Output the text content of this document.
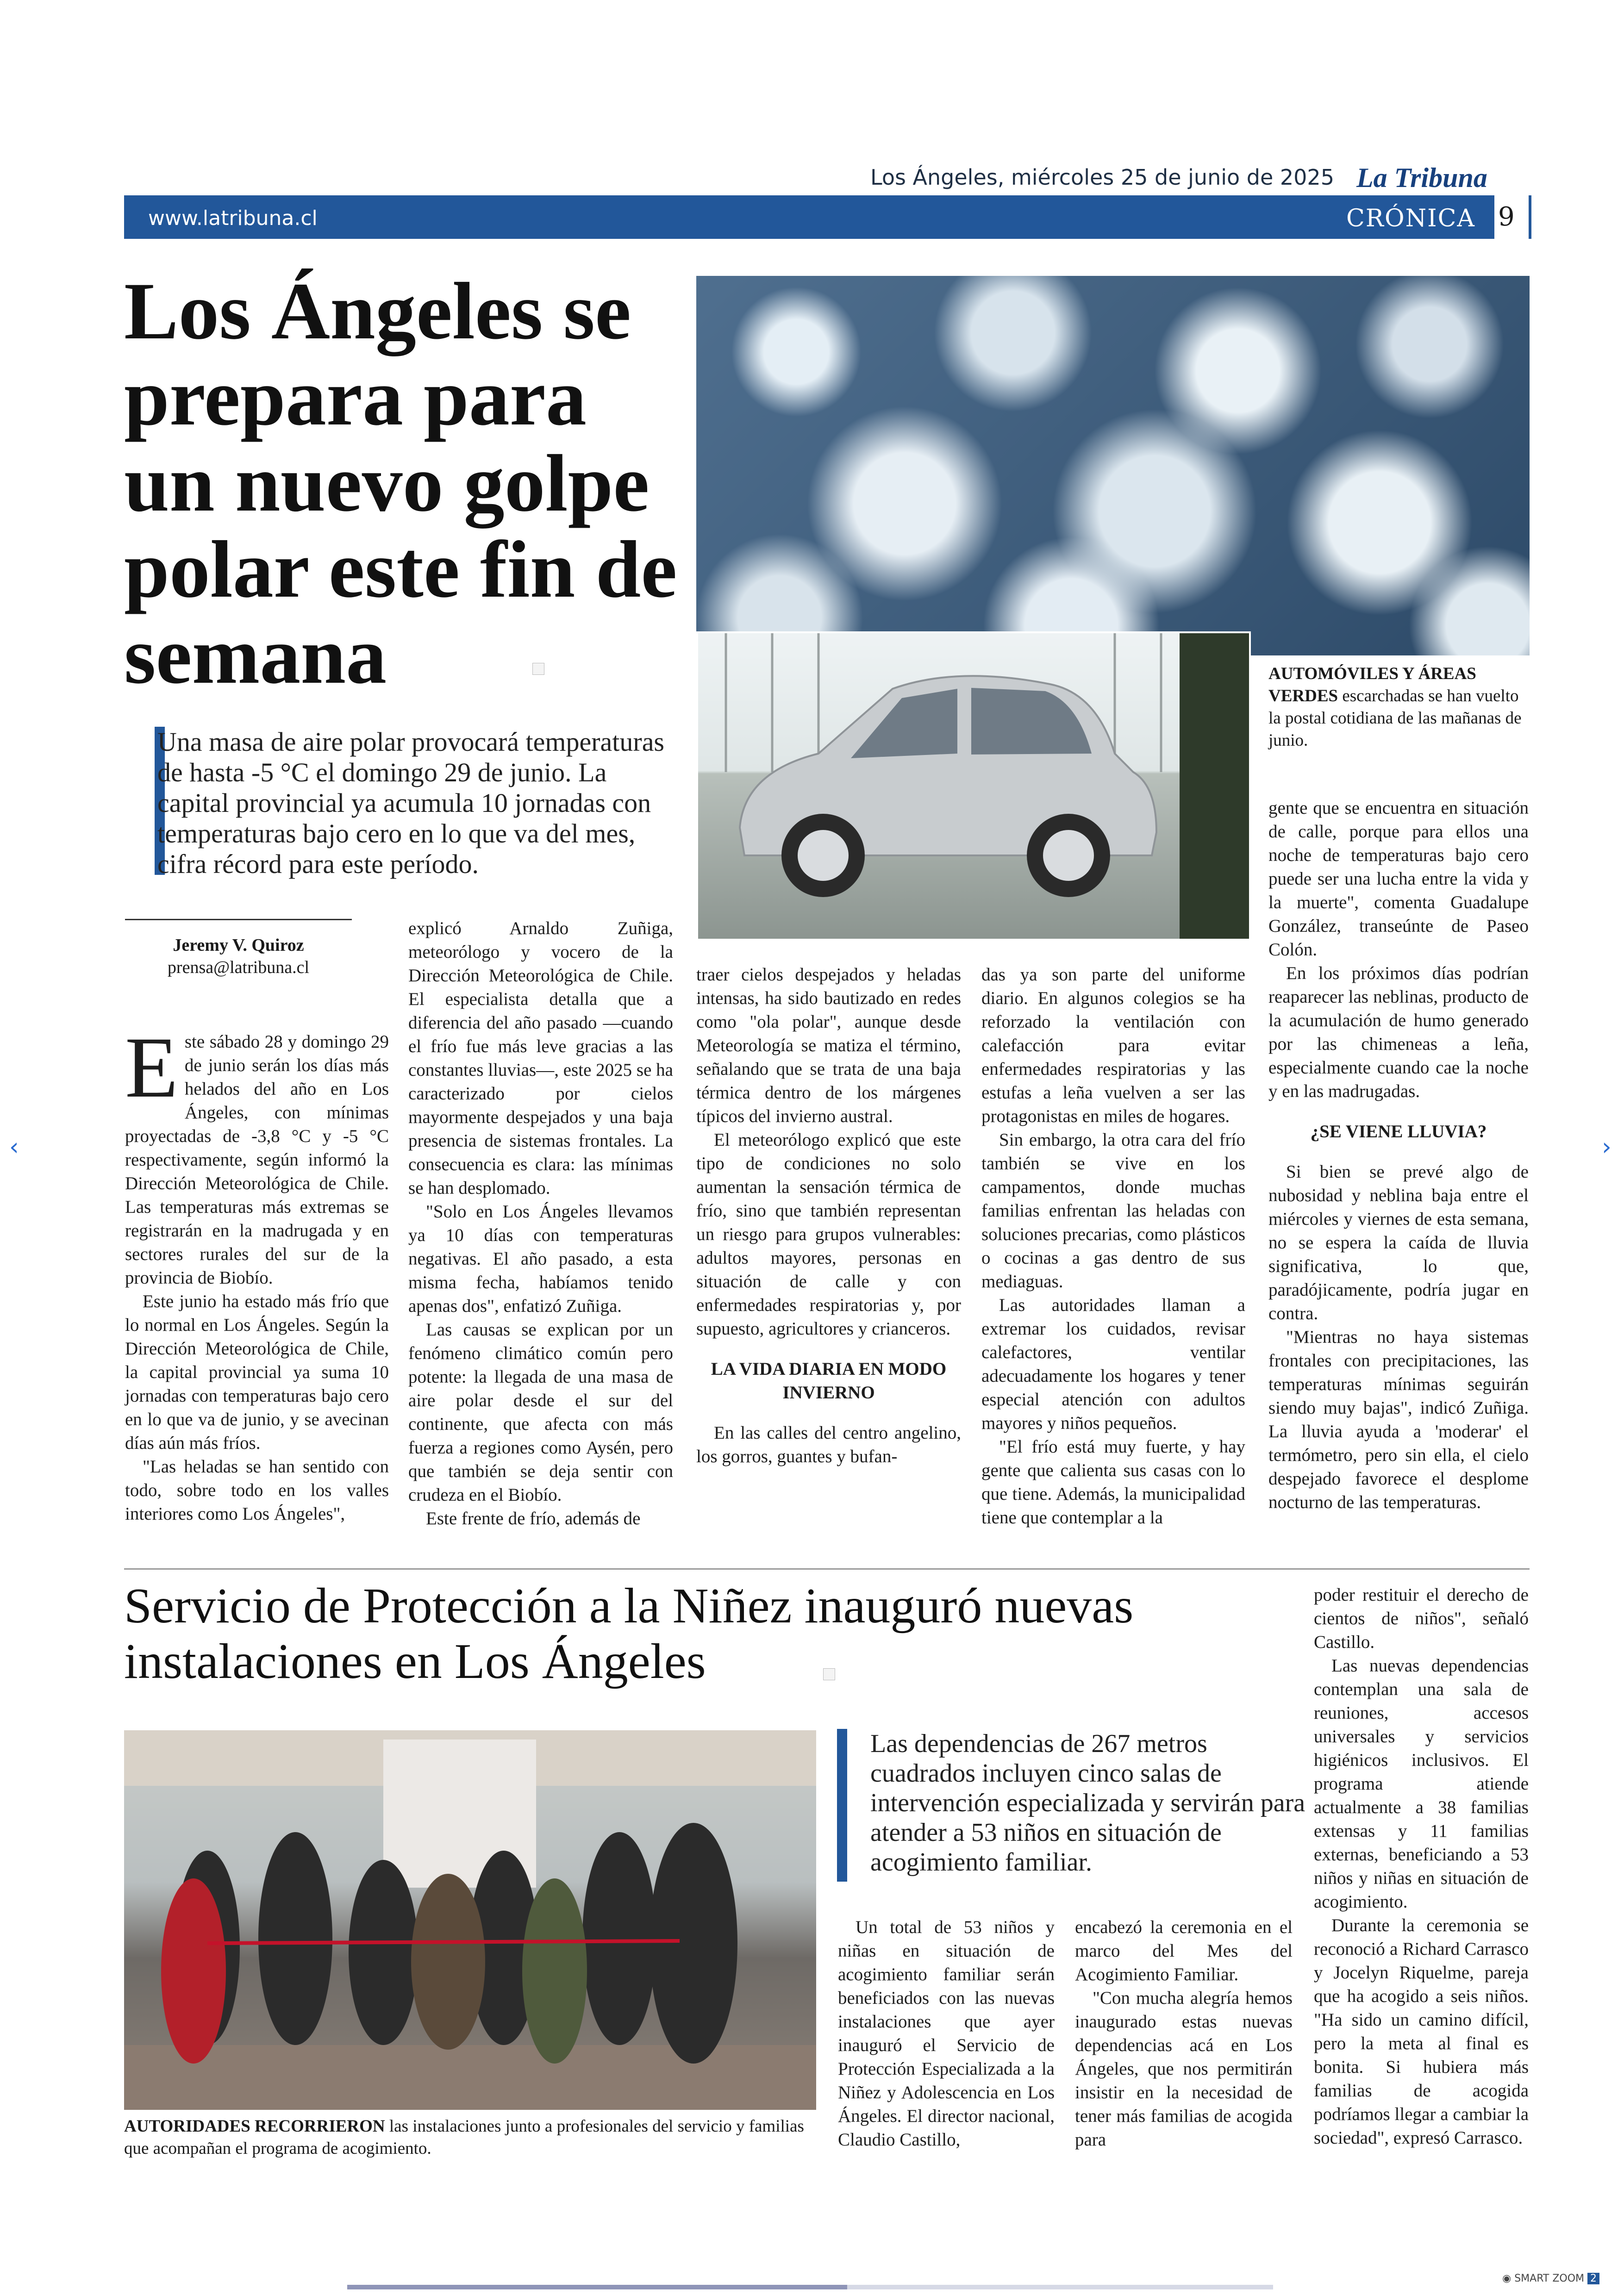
Los Ángeles, miércoles 25 de junio de 2025 La Tribuna
www.latribuna.cl	CRÓNICA 9
Los Ángeles se prepara para un nuevo golpe polar este fin de semana
Una masa de aire polar provocará temperaturas de hasta -5 °C el domingo 29 de junio. La capital provincial ya acumula 10 jornadas con temperaturas bajo cero en lo que va del mes, cifra récord para este período.
Jeremy V. Quiroz
prensa@latribuna.cl

Este sábado 28 y domingo 29 de junio serán los días más helados del año en Los Ángeles, con mínimas proyectadas de -3,8 °C y -5 °C respectivamente, según informó la Dirección Meteorológica de Chile. Las temperaturas más extremas se registrarán en la madrugada y en sectores rurales del sur de la provincia de Biobío.

Este junio ha estado más frío que lo normal en Los Ángeles. Según la Dirección Meteorológica de Chile, la capital provincial ya suma 10 jornadas con temperaturas bajo cero en lo que va de junio, y se avecinan días aún más fríos.

"Las heladas se han sentido con todo, sobre todo en los valles interiores como Los Ángeles",

explicó Arnaldo Zuñiga, meteorólogo y vocero de la Dirección Meteorológica de Chile. El especialista detalla que a diferencia del año pasado —cuando el frío fue más leve gracias a las constantes lluvias—, este 2025 se ha caracterizado por cielos mayormente despejados y una baja presencia de sistemas frontales. La consecuencia es clara: las mínimas se han desplomado.

"Solo en Los Ángeles llevamos ya 10 días con temperaturas negativas. El año pasado, a esta misma fecha, habíamos tenido apenas dos", enfatizó Zuñiga.

Las causas se explican por un fenómeno climático común pero potente: la llegada de una masa de aire polar desde el sur del continente, que afecta con más fuerza a regiones como Aysén, pero que también se deja sentir con crudeza en el Biobío.

Este frente de frío, además de

AUTOMÓVILES Y ÁREAS VERDES escarchadas se han vuelto la postal cotidiana de las mañanas de junio.

traer cielos despejados y heladas intensas, ha sido bautizado en redes como "ola polar", aunque desde Meteorología se matiza el término, señalando que se trata de una baja térmica dentro de los márgenes típicos del invierno austral.

El meteorólogo explicó que este tipo de condiciones no solo aumentan la sensación térmica de frío, sino que también representan un riesgo para grupos vulnerables: adultos mayores, personas en situación de calle y con enfermedades respiratorias y, por supuesto, agricultores y crianceros.

LA VIDA DIARIA EN MODO INVIERNO

En las calles del centro angelino, los gorros, guantes y bufan-

das ya son parte del uniforme diario. En algunos colegios se ha reforzado la ventilación con calefacción para evitar enfermedades respiratorias y las estufas a leña vuelven a ser las protagonistas en miles de hogares.

Sin embargo, la otra cara del frío también se vive en los campamentos, donde muchas familias enfrentan las heladas con soluciones precarias, como plásticos o cocinas a gas dentro de sus mediaguas.

Las autoridades llaman a extremar los cuidados, revisar calefactores, ventilar adecuadamente los hogares y tener especial atención con adultos mayores y niños pequeños.

"El frío está muy fuerte, y hay gente que calienta sus casas con lo que tiene. Además, la municipalidad tiene que contemplar a la

gente que se encuentra en situación de calle, porque para ellos una noche de temperaturas bajo cero puede ser una lucha entre la vida y la muerte", comenta Guadalupe González, transeúnte de Paseo Colón.

En los próximos días podrían reaparecer las neblinas, producto de la acumulación de humo generado por las chimeneas a leña, especialmente cuando cae la noche y en las madrugadas.

¿SE VIENE LLUVIA?

Si bien se prevé algo de nubosidad y neblina baja entre el miércoles y viernes de esta semana, no se espera la caída de lluvia significativa, lo que, paradójicamente, podría jugar en contra.

"Mientras no haya sistemas frontales con precipitaciones, las temperaturas mínimas seguirán siendo muy bajas", indicó Zuñiga. La lluvia ayuda a 'moderar' el termómetro, pero sin ella, el cielo despejado favorece el desplome nocturno de las temperaturas.

Servicio de Protección a la Niñez inauguró nuevas instalaciones en Los Ángeles
AUTORIDADES RECORRIERON las instalaciones junto a profesionales del servicio y familias que acompañan el programa de acogimiento.
Las dependencias de 267 metros cuadrados incluyen cinco salas de intervención especializada y servirán para atender a 53 niños en situación de acogimiento familiar.

Un total de 53 niños y niñas en situación de acogimiento familiar serán beneficiados con las nuevas instalaciones que ayer inauguró el Servicio de Protección Especializada a la Niñez y Adolescencia en Los Ángeles. El director nacional, Claudio Castillo,

encabezó la ceremonia en el marco del Mes del Acogimiento Familiar.

"Con mucha alegría hemos inaugurado estas nuevas dependencias acá en Los Ángeles, que nos permitirán insistir en la necesidad de tener más familias de acogida para

poder restituir el derecho de cientos de niños", señaló Castillo.

Las nuevas dependencias contemplan una sala de reuniones, accesos universales y servicios higiénicos inclusivos. El programa atiende actualmente a 38 familias extensas y 11 familias externas, beneficiando a 53 niños y niñas en situación de acogimiento.

Durante la ceremonia se reconoció a Richard Carrasco y Jocelyn Riquelme, pareja que ha acogido a seis niños. "Ha sido un camino difícil, pero la meta al final es bonita. Si hubiera más familias de acogida podríamos llegar a cambiar la sociedad", expresó Carrasco.

‹	›
◉ SMART ZOOM 2
